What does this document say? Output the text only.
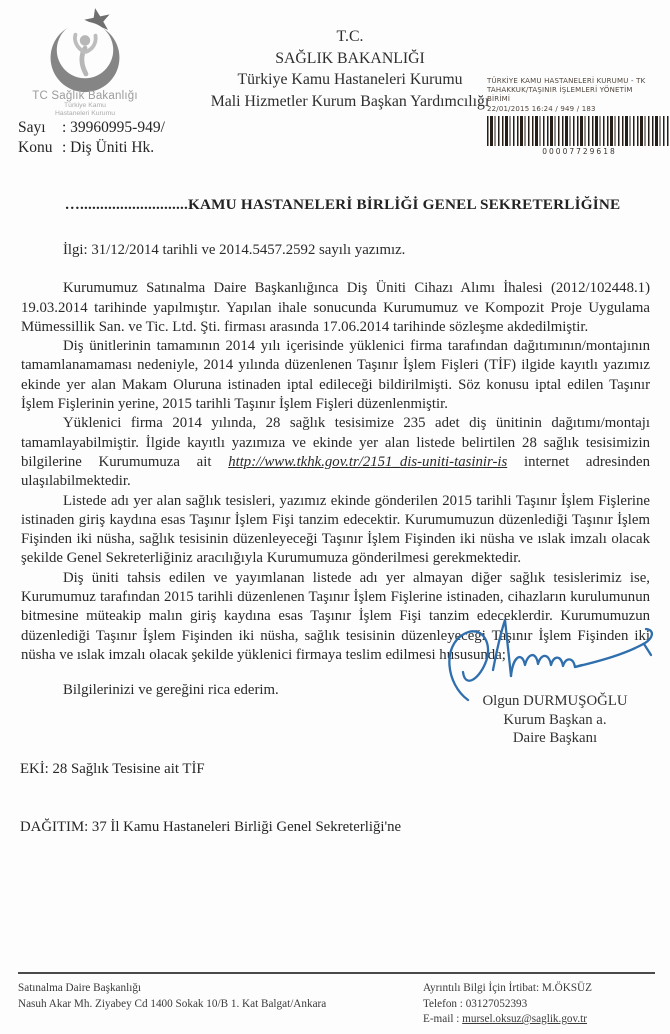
TC Sağlık Bakanlığı
Türkiye Kamu
Hastaneleri Kurumu
T.C.
SAĞLIK BAKANLIĞI
Türkiye Kamu Hastaneleri Kurumu
Mali Hizmetler Kurum Başkan Yardımcılığı
TÜRKİYE KAMU HASTANELERİ KURUMU - TK
TAHAKKUK/TAŞINIR İŞLEMLERİ YÖNETİM
BİRİMİ
22/01/2015 16:24 / 949 / 183
00007729618
Sayı : 39960995-949/
Konu : Diş Üniti Hk.
…...........................KAMU HASTANELERİ BİRLİĞİ GENEL SEKRETERLİĞİNE

İlgi: 31/12/2014 tarihli ve 2014.5457.2592 sayılı yazımız.

Kurumumuz Satınalma Daire Başkanlığınca Diş Üniti Cihazı Alımı İhalesi (2012/102448.1) 19.03.2014 tarihinde yapılmıştır. Yapılan ihale sonucunda Kurumumuz ve Kompozit Proje Uygulama Mümessillik San. ve Tic. Ltd. Şti. firması arasında 17.06.2014 tarihinde sözleşme akdedilmiştir.

Diş ünitlerinin tamamının 2014 yılı içerisinde yüklenici firma tarafından dağıtımının/montajının tamamlanamaması nedeniyle, 2014 yılında düzenlenen Taşınır İşlem Fişleri (TİF) ilgide kayıtlı yazımız ekinde yer alan Makam Oluruna istinaden iptal edileceği bildirilmişti. Söz konusu iptal edilen Taşınır İşlem Fişlerinin yerine, 2015 tarihli Taşınır İşlem Fişleri düzenlenmiştir.

Yüklenici firma 2014 yılında, 28 sağlık tesisimize 235 adet diş ünitinin dağıtımı/montajı tamamlayabilmiştir. İlgide kayıtlı yazımıza ve ekinde yer alan listede belirtilen 28 sağlık tesisimizin bilgilerine Kurumumuza ait http://www.tkhk.gov.tr/2151_dis-uniti-tasinir-is internet adresinden ulaşılabilmektedir.

Listede adı yer alan sağlık tesisleri, yazımız ekinde gönderilen 2015 tarihli Taşınır İşlem Fişlerine istinaden giriş kaydına esas Taşınır İşlem Fişi tanzim edecektir. Kurumumuzun düzenlediği Taşınır İşlem Fişinden iki nüsha, sağlık tesisinin düzenleyeceği Taşınır İşlem Fişinden iki nüsha ve ıslak imzalı olacak şekilde Genel Sekreterliğiniz aracılığıyla Kurumumuza gönderilmesi gerekmektedir.

Diş üniti tahsis edilen ve yayımlanan listede adı yer almayan diğer sağlık tesislerimiz ise, Kurumumuz tarafından 2015 tarihli düzenlenen Taşınır İşlem Fişlerine istinaden, cihazların kurulumunun bitmesine müteakip malın giriş kaydına esas Taşınır İşlem Fişi tanzim edeceklerdir. Kurumumuzun düzenlediği Taşınır İşlem Fişinden iki nüsha, sağlık tesisinin düzenleyeceği Taşınır İşlem Fişinden iki nüsha ve ıslak imzalı olacak şekilde yüklenici firmaya teslim edilmesi hususunda;

Bilgilerinizi ve gereğini rica ederim.

Olgun DURMUŞOĞLU
Kurum Başkan a.
Daire Başkanı
EKİ: 28 Sağlık Tesisine ait TİF
DAĞITIM: 37 İl Kamu Hastaneleri Birliği Genel Sekreterliği'ne
Satınalma Daire Başkanlığı
Nasuh Akar Mh. Ziyabey Cd 1400 Sokak 10/B 1. Kat Balgat/Ankara
Ayrıntılı Bilgi İçin İrtibat: M.ÖKSÜZ
Telefon : 03127052393
E-mail : mursel.oksuz@saglik.gov.tr
